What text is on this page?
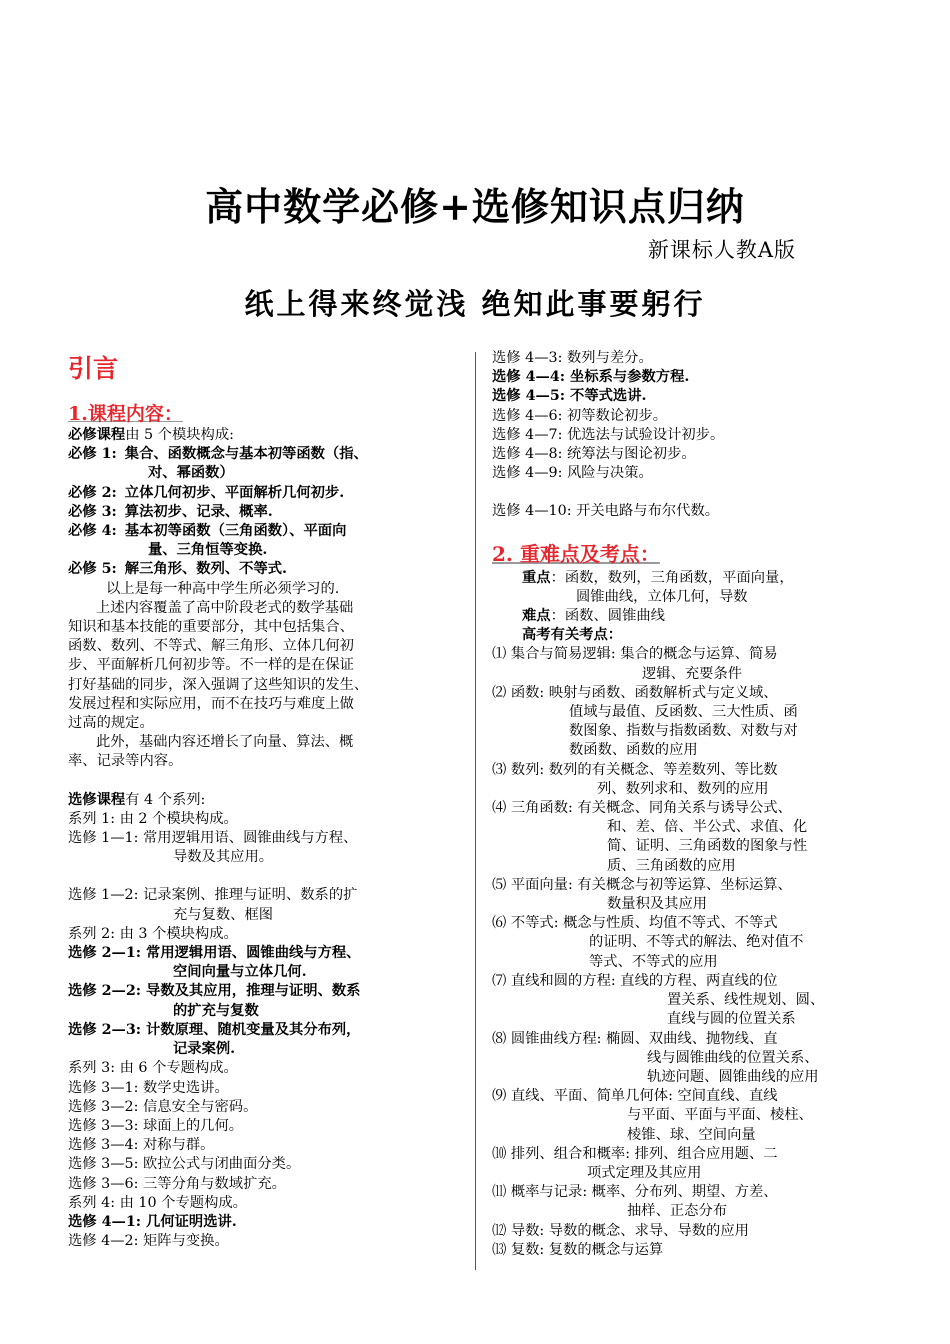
高中数学必修+选修知识点归纳
新课标人教A版
纸上得来终觉浅 绝知此事要躬行

引言

1.课程内容：

必修课程由 5 个模块构成:

必修 1: 集合、函数概念与基本初等函数（指、

对、幂函数）

必修 2: 立体几何初步、平面解析几何初步.

必修 3: 算法初步、记录、概率.

必修 4: 基本初等函数（三角函数）、平面向

量、三角恒等变换.

必修 5: 解三角形、数列、不等式.

以上是每一种高中学生所必须学习的.

上述内容覆盖了高中阶段老式的数学基础

知识和基本技能的重要部分，其中包括集合、

函数、数列、不等式、解三角形、立体几何初

步、平面解析几何初步等。不一样的是在保证

打好基础的同步，深入强调了这些知识的发生、

发展过程和实际应用，而不在技巧与难度上做

过高的规定。

此外，基础内容还增长了向量、算法、概

率、记录等内容。

选修课程有 4 个系列:

系列 1: 由 2 个模块构成。

选修 1—1: 常用逻辑用语、圆锥曲线与方程、

导数及其应用。

选修 1—2: 记录案例、推理与证明、数系的扩

充与复数、框图

系列 2: 由 3 个模块构成。

选修 2—1: 常用逻辑用语、圆锥曲线与方程、

空间向量与立体几何.

选修 2—2: 导数及其应用，推理与证明、数系

的扩充与复数

选修 2—3: 计数原理、随机变量及其分布列，

记录案例.

系列 3: 由 6 个专题构成。

选修 3—1: 数学史选讲。

选修 3—2: 信息安全与密码。

选修 3—3: 球面上的几何。

选修 3—4: 对称与群。

选修 3—5: 欧拉公式与闭曲面分类。

选修 3—6: 三等分角与数域扩充。

系列 4: 由 10 个专题构成。

选修 4—1: 几何证明选讲.

选修 4—2: 矩阵与变换。

选修 4—3: 数列与差分。

选修 4—4: 坐标系与参数方程.

选修 4—5: 不等式选讲.

选修 4—6: 初等数论初步。

选修 4—7: 优选法与试验设计初步。

选修 4—8: 统筹法与图论初步。

选修 4—9: 风险与决策。

选修 4—10: 开关电路与布尔代数。

2. 重难点及考点：

重点：函数，数列，三角函数，平面向量，

圆锥曲线，立体几何，导数

难点：函数、圆锥曲线

高考有关考点：

⑴ 集合与简易逻辑: 集合的概念与运算、简易

逻辑、充要条件

⑵ 函数: 映射与函数、函数解析式与定义域、

值域与最值、反函数、三大性质、函

数图象、指数与指数函数、对数与对

数函数、函数的应用

⑶ 数列: 数列的有关概念、等差数列、等比数

列、数列求和、数列的应用

⑷ 三角函数: 有关概念、同角关系与诱导公式、

和、差、倍、半公式、求值、化

简、证明、三角函数的图象与性

质、三角函数的应用

⑸ 平面向量: 有关概念与初等运算、坐标运算、

数量积及其应用

⑹ 不等式: 概念与性质、均值不等式、不等式

的证明、不等式的解法、绝对值不

等式、不等式的应用

⑺ 直线和圆的方程: 直线的方程、两直线的位

置关系、线性规划、圆、

直线与圆的位置关系

⑻ 圆锥曲线方程: 椭圆、双曲线、抛物线、直

线与圆锥曲线的位置关系、

轨迹问题、圆锥曲线的应用

⑼ 直线、平面、简单几何体: 空间直线、直线

与平面、平面与平面、棱柱、

棱锥、球、空间向量

⑽ 排列、组合和概率: 排列、组合应用题、二

项式定理及其应用

⑾ 概率与记录: 概率、分布列、期望、方差、

抽样、正态分布

⑿ 导数: 导数的概念、求导、导数的应用

⒀ 复数: 复数的概念与运算
